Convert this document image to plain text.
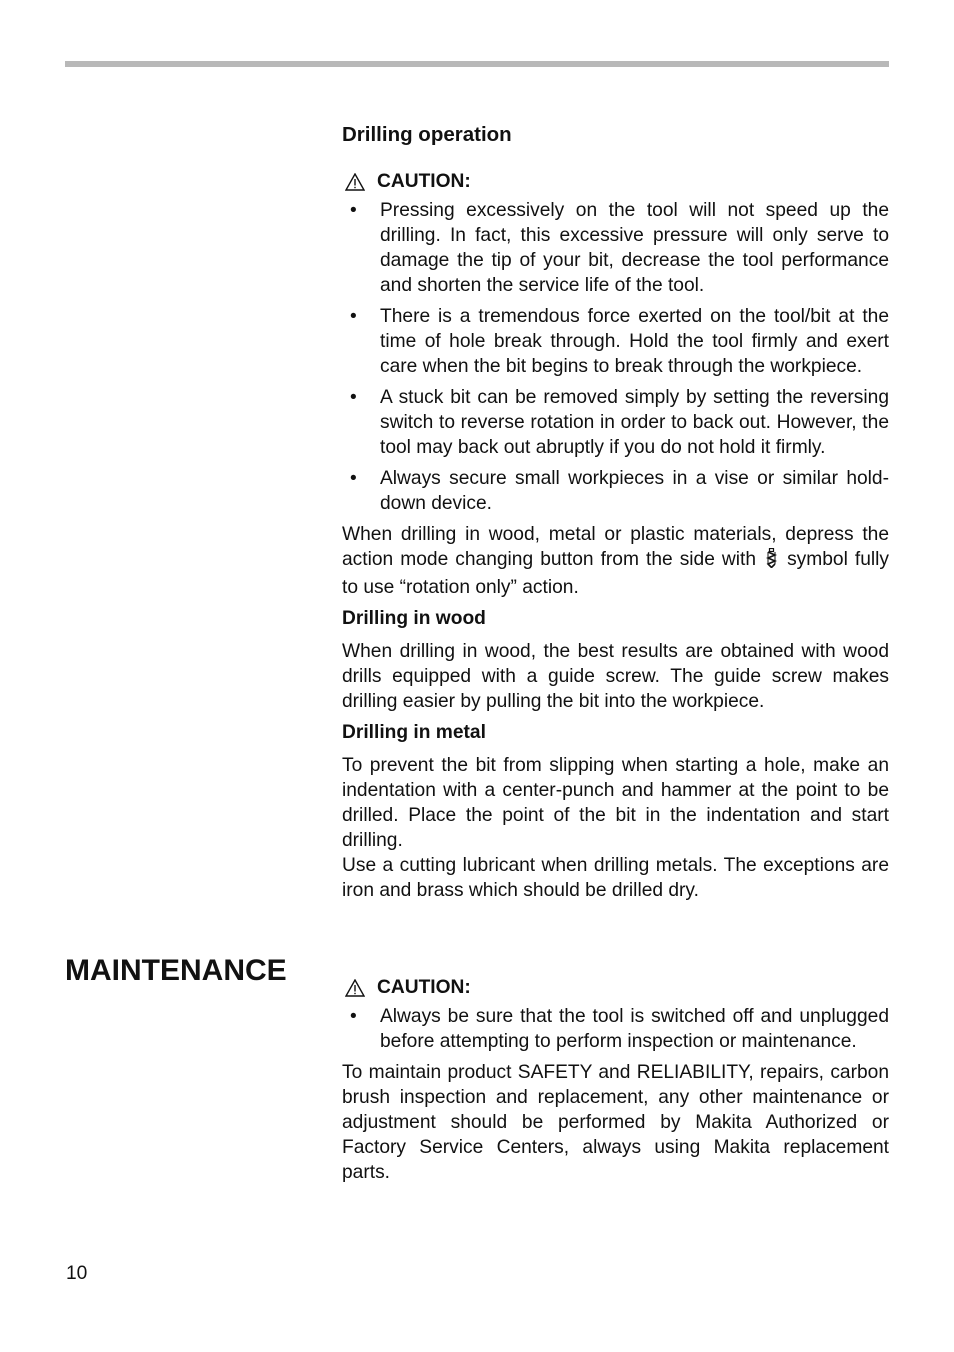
Drilling operation
CAUTION:
• Pressing excessively on the tool will not speed up the drilling. In fact, this excessive pressure will only serve to damage the tip of your bit, decrease the tool performance and shorten the service life of the tool.
• There is a tremendous force exerted on the tool/bit at the time of hole break through. Hold the tool firmly and exert care when the bit begins to break through the workpiece.
• A stuck bit can be removed simply by setting the reversing switch to reverse rotation in order to back out. However, the tool may back out abruptly if you do not hold it firmly.
• Always secure small workpieces in a vise or similar hold-down device.

When drilling in wood, metal or plastic materials, depress the action mode changing button from the side with symbol fully to use “rotation only” action.

Drilling in wood

When drilling in wood, the best results are obtained with wood drills equipped with a guide screw. The guide screw makes drilling easier by pulling the bit into the workpiece.

Drilling in metal

To prevent the bit from slipping when starting a hole, make an indentation with a center-punch and hammer at the point to be drilled. Place the point of the bit in the indentation and start drilling.

Use a cutting lubricant when drilling metals. The exceptions are iron and brass which should be drilled dry.

MAINTENANCE
CAUTION:
• Always be sure that the tool is switched off and unplugged before attempting to perform inspection or maintenance.

To maintain product SAFETY and RELIABILITY, repairs, carbon brush inspection and replacement, any other maintenance or adjustment should be performed by Makita Authorized or Factory Service Centers, always using Makita replacement parts.

10
